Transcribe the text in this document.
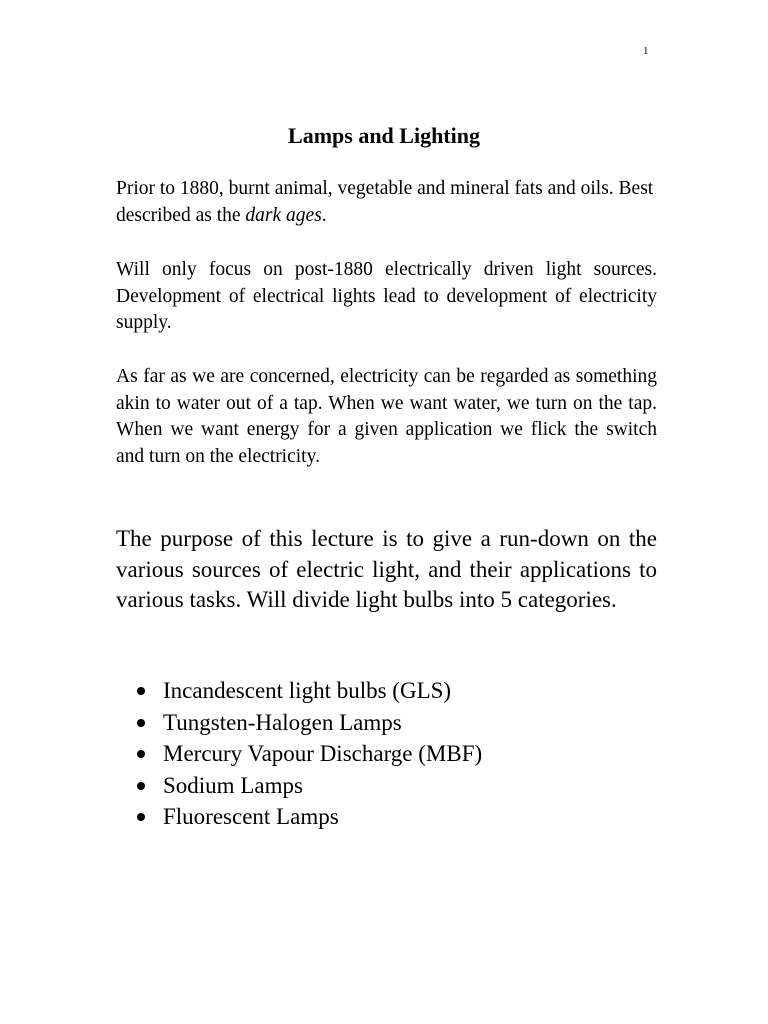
1
Lamps and Lighting

Prior to 1880, burnt animal, vegetable and mineral fats and oils. Best described as the dark ages.

Will only focus on post-1880 electrically driven light sources. Development of electrical lights lead to development of electricity supply.

As far as we are concerned, electricity can be regarded as something akin to water out of a tap. When we want water, we turn on the tap. When we want energy for a given application we flick the switch and turn on the electricity.

The purpose of this lecture is to give a run-down on the various sources of electric light, and their applications to various tasks. Will divide light bulbs into 5 categories.

Incandescent light bulbs (GLS)
Tungsten-Halogen Lamps
Mercury Vapour Discharge (MBF)
Sodium Lamps
Fluorescent Lamps
